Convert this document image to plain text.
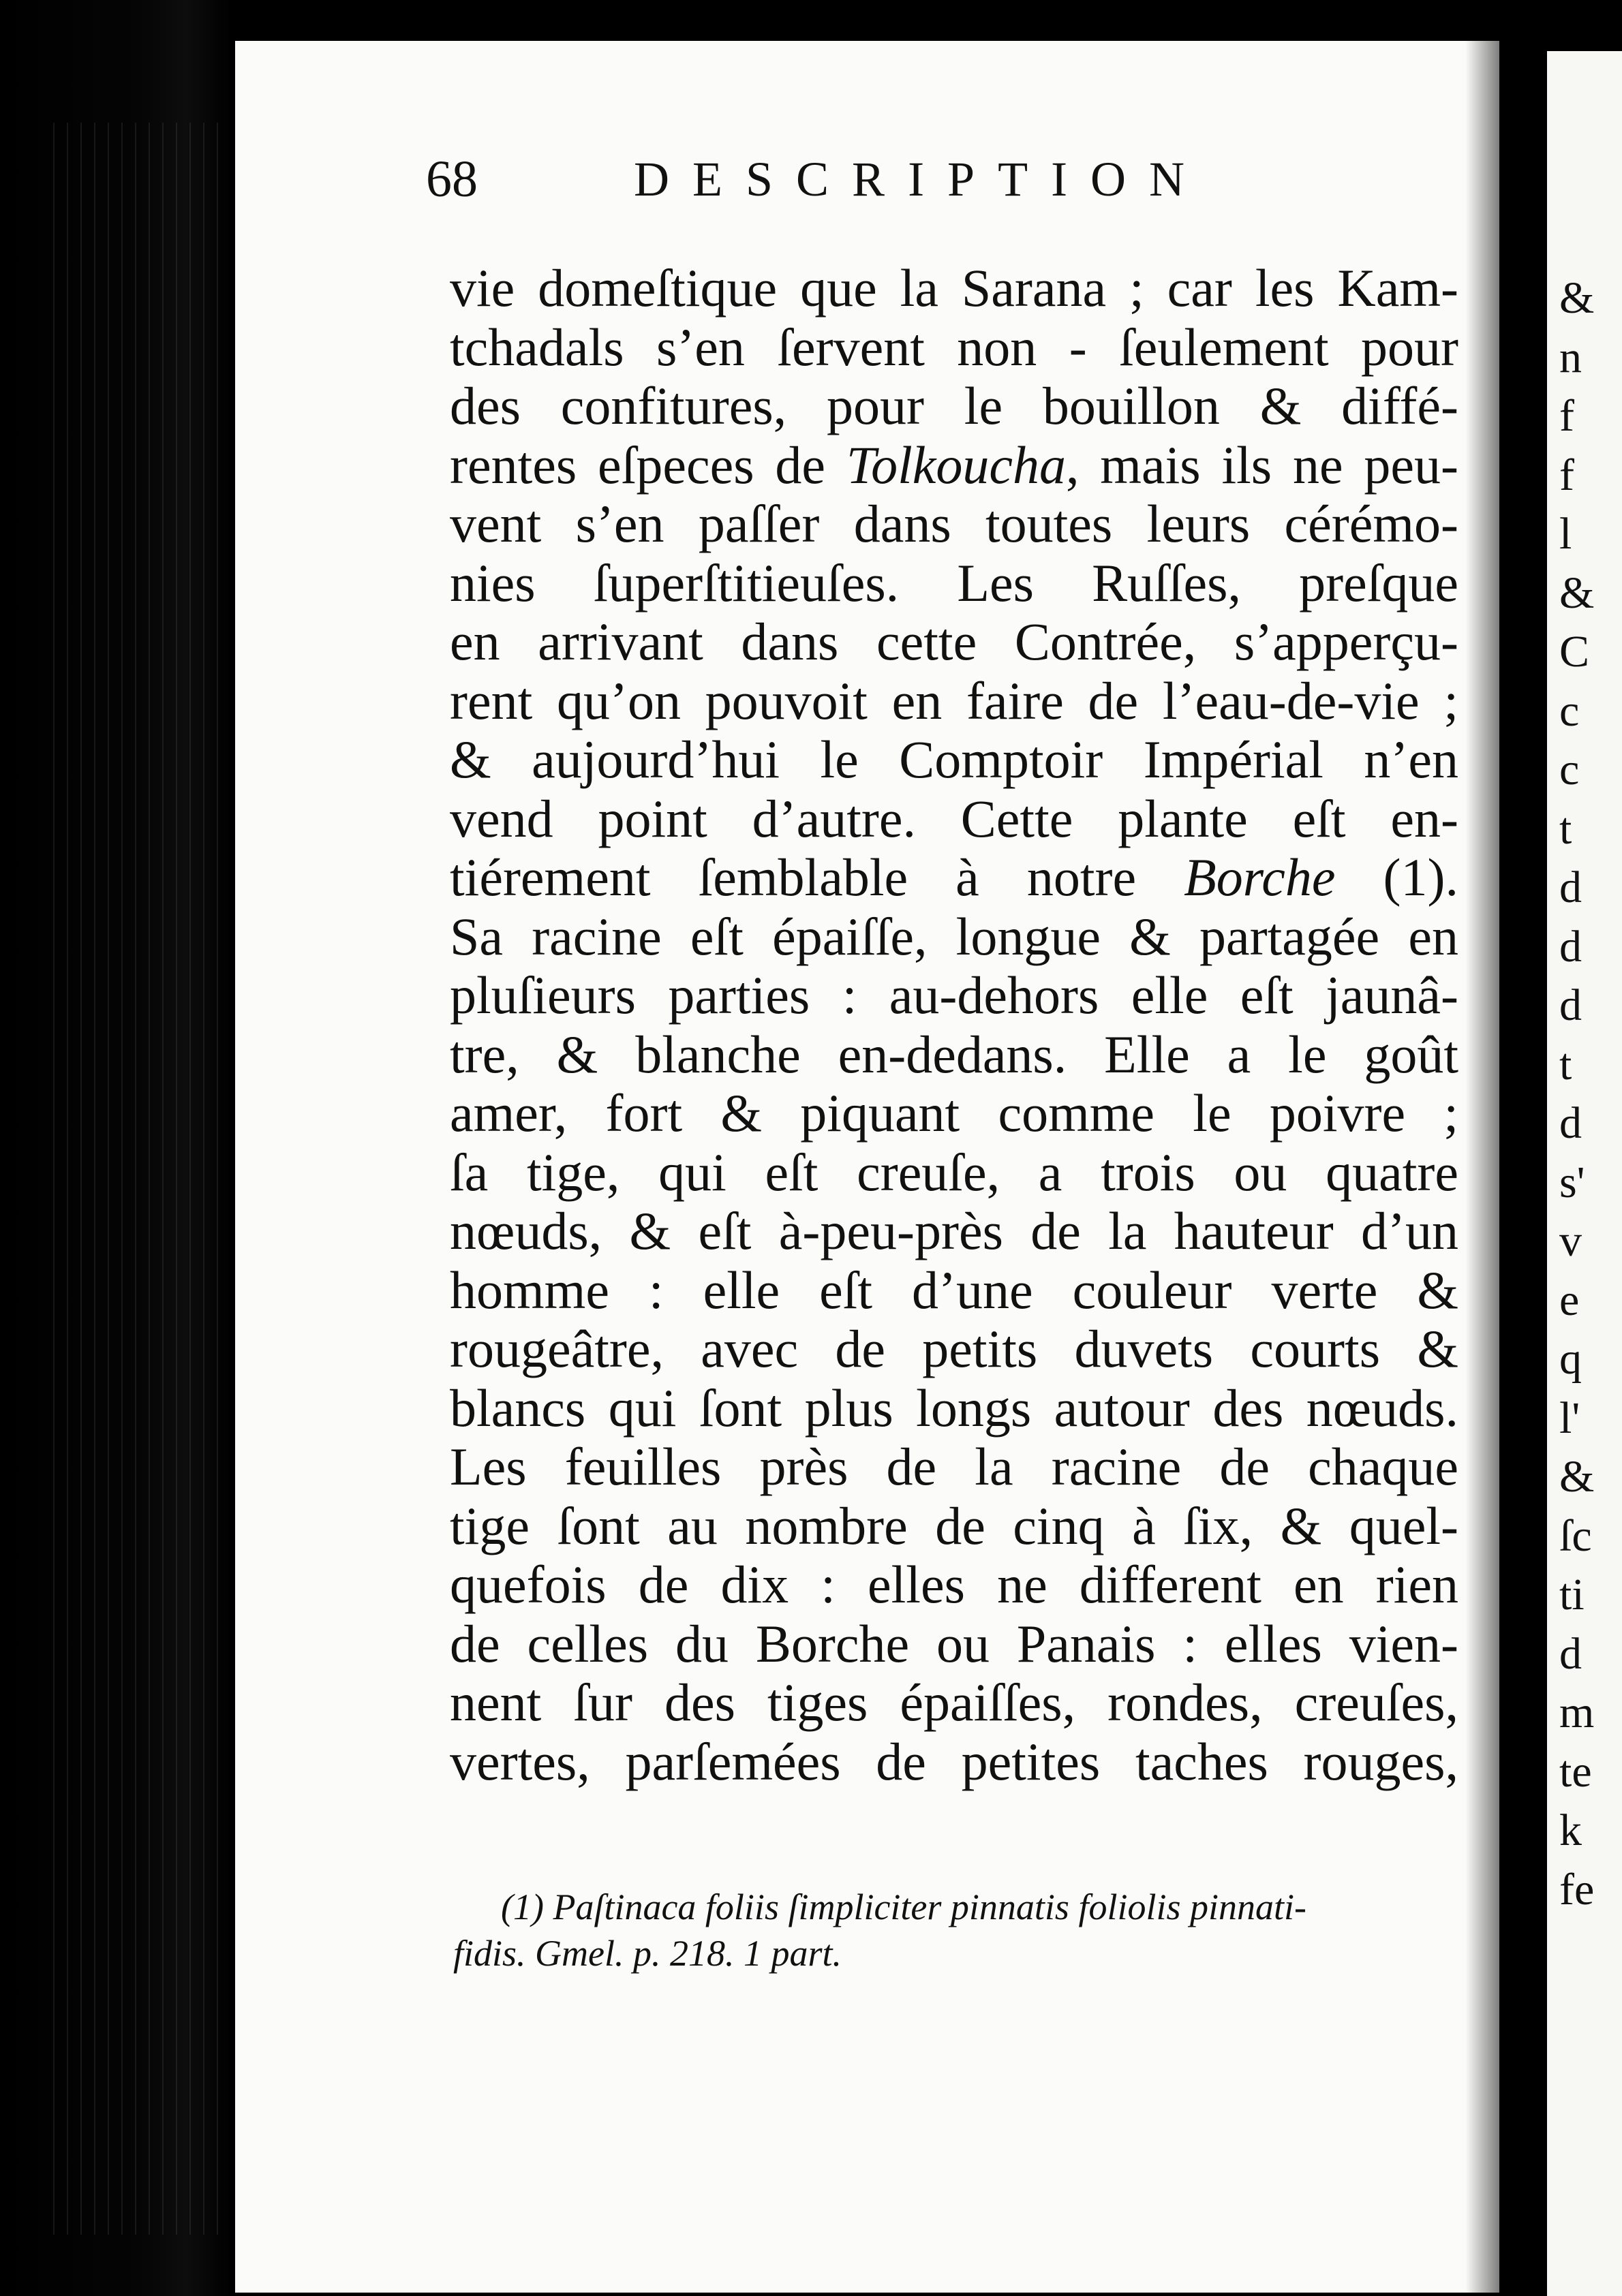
&
n
f
f
l
&
C
c
c
t
d
d
d
t
d
s'
v
e
q
l'
&
ſc
ti
d
m
te
k
fe
68	DESCRIPTION
vie domeſtique que la Sarana ; car les Kam-
tchadals s’en ſervent non - ſeulement pour
des confitures, pour le bouillon & diffé-
rentes eſpeces de Tolkoucha, mais ils ne peu-
vent s’en paſſer dans toutes leurs cérémo-
nies ſuperſtitieuſes. Les Ruſſes, preſque
en arrivant dans cette Contrée, s’apperçu-
rent qu’on pouvoit en faire de l’eau-de-vie ;
& aujourd’hui le Comptoir Impérial n’en
vend point d’autre. Cette plante eſt en-
tiérement ſemblable à notre Borche (1).
Sa racine eſt épaiſſe, longue & partagée en
pluſieurs parties : au-dehors elle eſt jaunâ-
tre, & blanche en-dedans. Elle a le goût
amer, fort & piquant comme le poivre ;
ſa tige, qui eſt creuſe, a trois ou quatre
nœuds, & eſt à-peu-près de la hauteur d’un
homme : elle eſt d’une couleur verte &
rougeâtre, avec de petits duvets courts &
blancs qui ſont plus longs autour des nœuds.
Les feuilles près de la racine de chaque
tige ſont au nombre de cinq à ſix, & quel-
quefois de dix : elles ne different en rien
de celles du Borche ou Panais : elles vien-
nent ſur des tiges épaiſſes, rondes, creuſes,
vertes, parſemées de petites taches rouges,
(1) Paſtinaca foliis ſimpliciter pinnatis foliolis pinnati-
fidis. Gmel. p. 218. 1 part.
